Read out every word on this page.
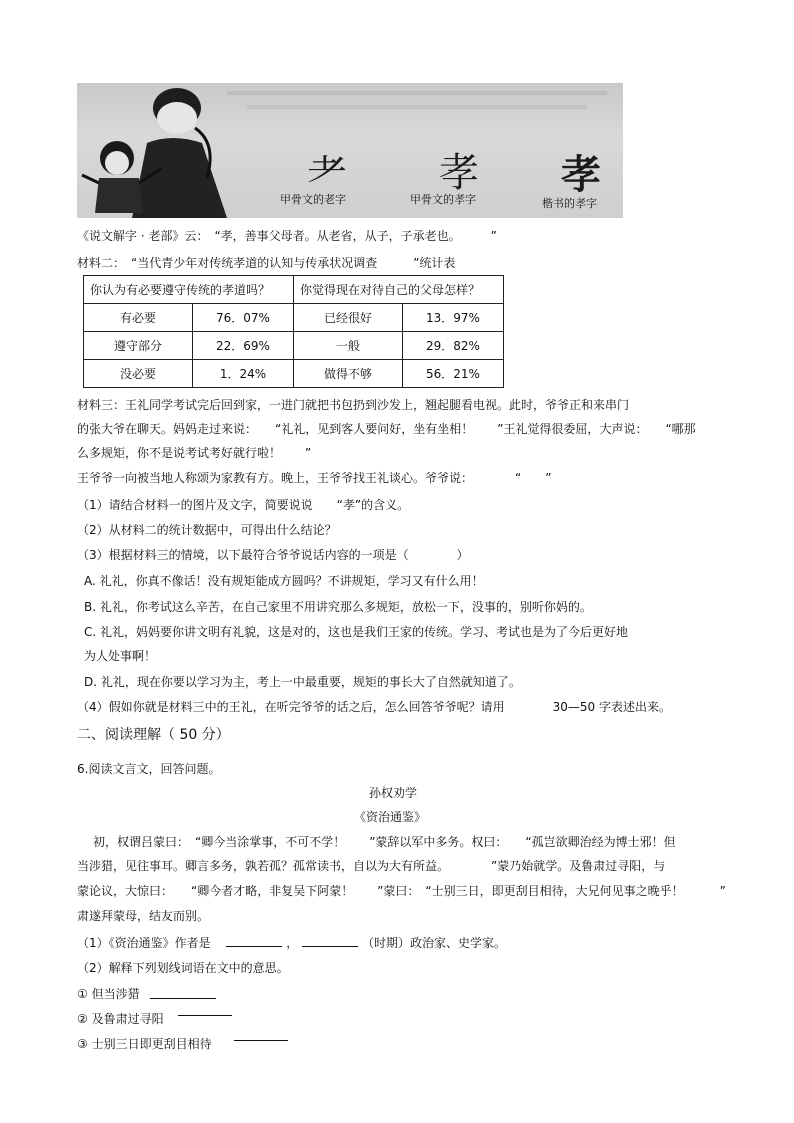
耂 孝 孝
甲骨文的老字	甲骨文的孝字	楷书的孝字
《说文解字 · 老部》云：　“孝，善事父母者。从老省，从子，子承老也。　　　”
材料二：　“当代青少年对传统孝道的认知与传承状况调查　　　”统计表
你认为有必要遵守传统的孝道吗？		你觉得现在对待自己的父母怎样？	
有必要	76．07%	已经很好	13．97%
遵守部分	22．69%	一般	29．82%
没必要	1．24%	做得不够	56．21%
材料三：王礼同学考试完后回到家，一进门就把书包扔到沙发上，翘起腿看电视。此时，爷爷正和来串门
的张大爷在聊天。妈妈走过来说：　　“礼礼，见到客人要问好，坐有坐相！　　”王礼觉得很委屈，大声说：　　“哪那
么多规矩，你不是说考试考好就行啦！　　”
王爷爷一向被当地人称颂为家教有方。晚上，王爷爷找王礼谈心。爷爷说：　　　　“　　”
（1）请结合材料一的图片及文字，简要说说　　“孝”的含义。
（2）从材料二的统计数据中，可得出什么结论？
（3）根据材料三的情境，以下最符合爷爷说话内容的一项是（　　　　）
A. 礼礼，你真不像话！没有规矩能成方圆吗？不讲规矩，学习又有什么用！
B. 礼礼，你考试这么辛苦，在自己家里不用讲究那么多规矩，放松一下，没事的，别听你妈的。
C. 礼礼，妈妈要你讲文明有礼貌，这是对的，这也是我们王家的传统。学习、考试也是为了今后更好地
为人处事啊！
D. 礼礼，现在你要以学习为主，考上一中最重要，规矩的事长大了自然就知道了。
（4）假如你就是材料三中的王礼，在听完爷爷的话之后，怎么回答爷爷呢？请用　　　　30—50 字表述出来。
二、阅读理解（ 50 分）
6.阅读文言文，回答问题。
孙权劝学
《资治通鉴》
初，权谓吕蒙曰：　“卿今当涂掌事，不可不学！　　”蒙辞以军中多务。权曰：　　“孤岂欲卿治经为博士邪！但
当涉猎，见往事耳。卿言多务，孰若孤？孤常读书，自以为大有所益。　　　　”蒙乃始就学。及鲁肃过寻阳，与
蒙论议，大惊曰：　　“卿今者才略，非复吴下阿蒙！　　”蒙曰：　“士别三日，即更刮目相待，大兄何见事之晚乎！　　　”
肃遂拜蒙母，结友而别。
（1）《资治通鉴》作者是	，	（时期）政治家、史学家。
（2）解释下列划线词语在文中的意思。
① 但当涉猎
② 及鲁肃过寻阳
③ 士别三日即更刮目相待
